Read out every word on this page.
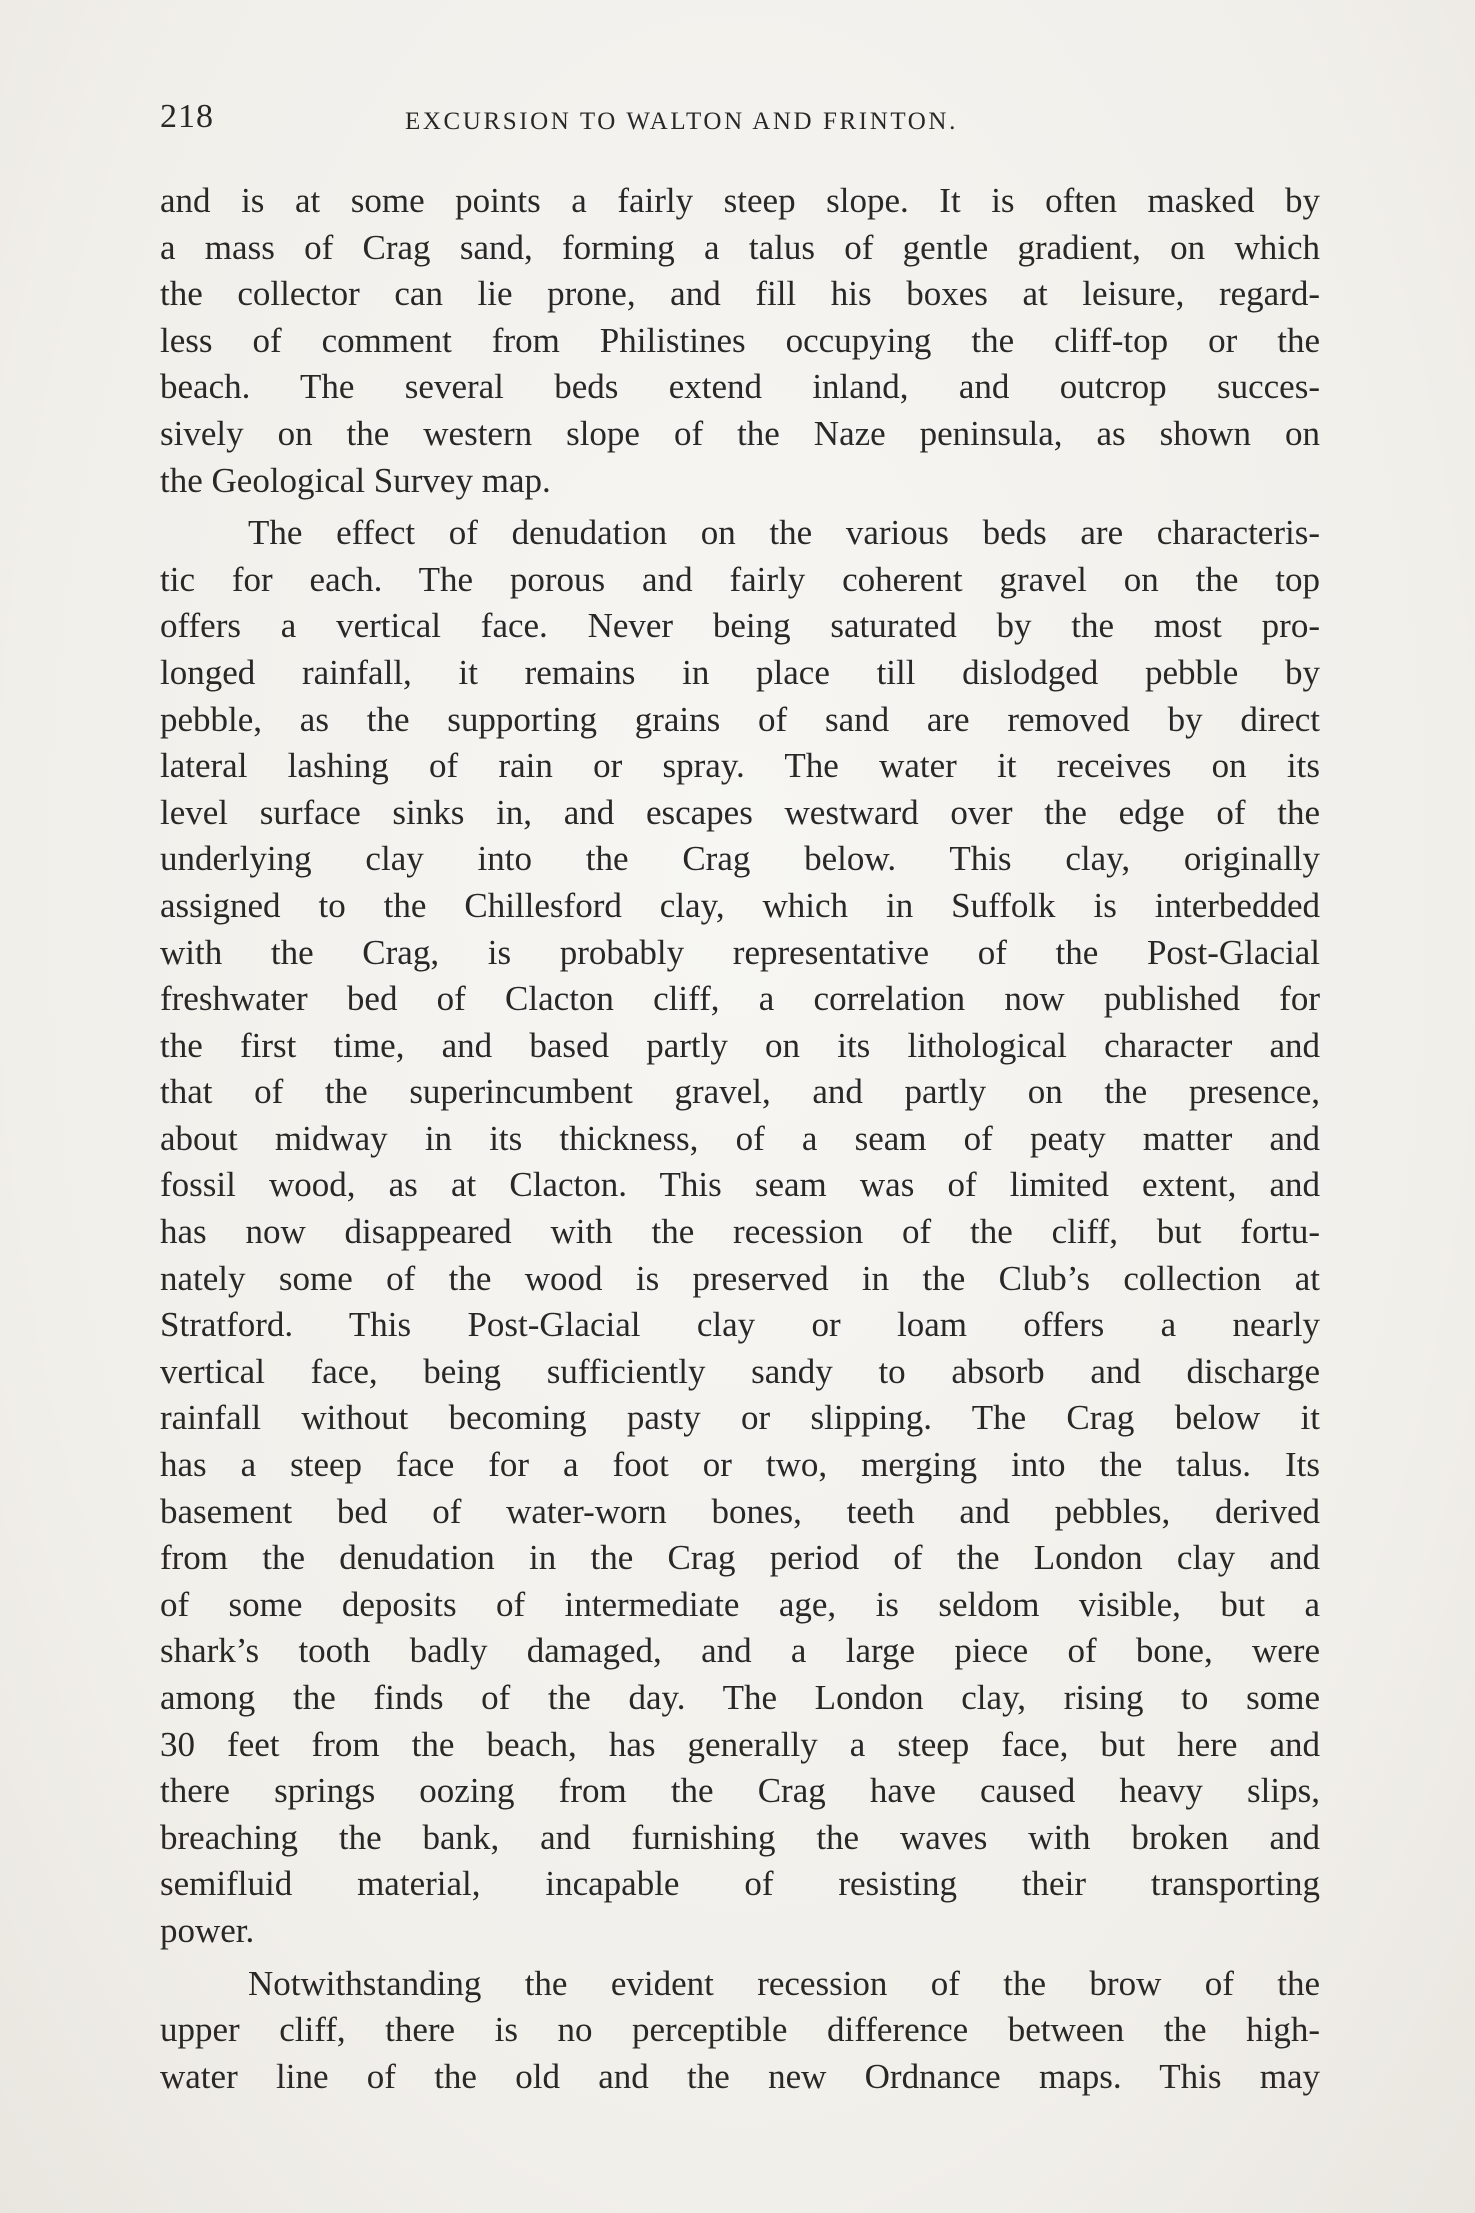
218	EXCURSION TO WALTON AND FRINTON.
and is at some points a fairly steep slope. It is often masked by
a mass of Crag sand, forming a talus of gentle gradient, on which
the collector can lie prone, and fill his boxes at leisure, regard-
less of comment from Philistines occupying the cliff-top or the
beach. The several beds extend inland, and outcrop succes-
sively on the western slope of the Naze peninsula, as shown on
the Geological Survey map.
The effect of denudation on the various beds are characteris-
tic for each. The porous and fairly coherent gravel on the top
offers a vertical face. Never being saturated by the most pro-
longed rainfall, it remains in place till dislodged pebble by
pebble, as the supporting grains of sand are removed by direct
lateral lashing of rain or spray. The water it receives on its
level surface sinks in, and escapes westward over the edge of the
underlying clay into the Crag below. This clay, originally
assigned to the Chillesford clay, which in Suffolk is interbedded
with the Crag, is probably representative of the Post-Glacial
freshwater bed of Clacton cliff, a correlation now published for
the first time, and based partly on its lithological character and
that of the superincumbent gravel, and partly on the presence,
about midway in its thickness, of a seam of peaty matter and
fossil wood, as at Clacton. This seam was of limited extent, and
has now disappeared with the recession of the cliff, but fortu-
nately some of the wood is preserved in the Club’s collection at
Stratford. This Post-Glacial clay or loam offers a nearly
vertical face, being sufficiently sandy to absorb and discharge
rainfall without becoming pasty or slipping. The Crag below it
has a steep face for a foot or two, merging into the talus. Its
basement bed of water-worn bones, teeth and pebbles, derived
from the denudation in the Crag period of the London clay and
of some deposits of intermediate age, is seldom visible, but a
shark’s tooth badly damaged, and a large piece of bone, were
among the finds of the day. The London clay, rising to some
30 feet from the beach, has generally a steep face, but here and
there springs oozing from the Crag have caused heavy slips,
breaching the bank, and furnishing the waves with broken and
semifluid material, incapable of resisting their transporting
power.
Notwithstanding the evident recession of the brow of the
upper cliff, there is no perceptible difference between the high-
water line of the old and the new Ordnance maps. This may
